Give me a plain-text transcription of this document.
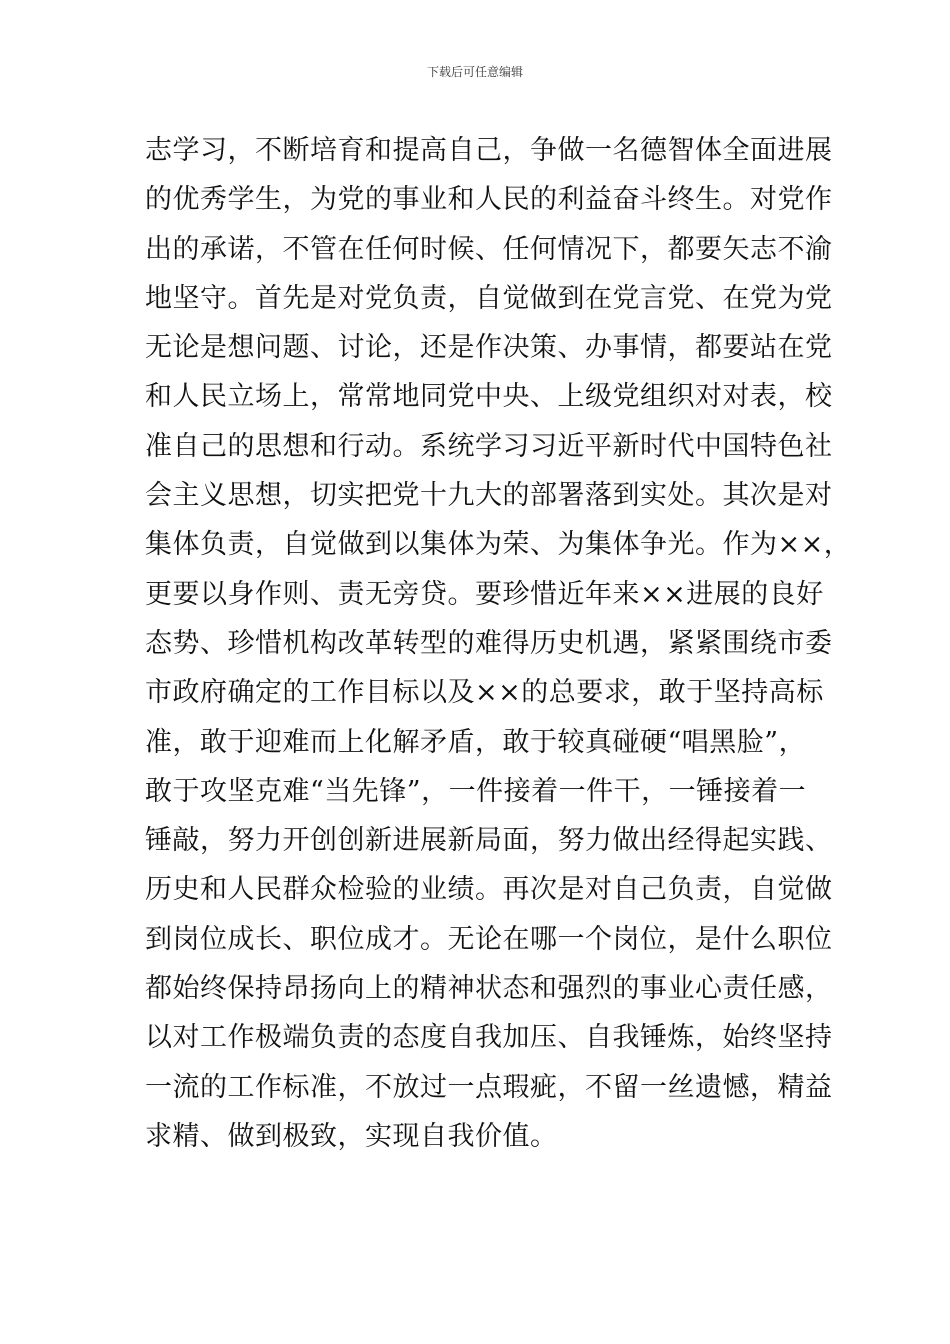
下载后可任意编辑
志学习，不断培育和提高自己，争做一名德智体全面进展
的优秀学生，为党的事业和人民的利益奋斗终生。对党作
出的承诺，不管在任何时候、任何情况下，都要矢志不渝
地坚守。首先是对党负责，自觉做到在党言党、在党为党
无论是想问题、讨论，还是作决策、办事情，都要站在党
和人民立场上，常常地同党中央、上级党组织对对表，校
准自己的思想和行动。系统学习习近平新时代中国特色社
会主义思想，切实把党十九大的部署落到实处。其次是对
集体负责，自觉做到以集体为荣、为集体争光。作为××，
更要以身作则、责无旁贷。要珍惜近年来××进展的良好
态势、珍惜机构改革转型的难得历史机遇，紧紧围绕市委
市政府确定的工作目标以及××的总要求，敢于坚持高标
准，敢于迎难而上化解矛盾，敢于较真碰硬“唱黑脸”，
敢于攻坚克难“当先锋”，一件接着一件干，一锤接着一
锤敲，努力开创创新进展新局面，努力做出经得起实践、
历史和人民群众检验的业绩。再次是对自己负责，自觉做
到岗位成长、职位成才。无论在哪一个岗位，是什么职位
都始终保持昂扬向上的精神状态和强烈的事业心责任感，
以对工作极端负责的态度自我加压、自我锤炼，始终坚持
一流的工作标准，不放过一点瑕疵，不留一丝遗憾，精益
求精、做到极致，实现自我价值。
